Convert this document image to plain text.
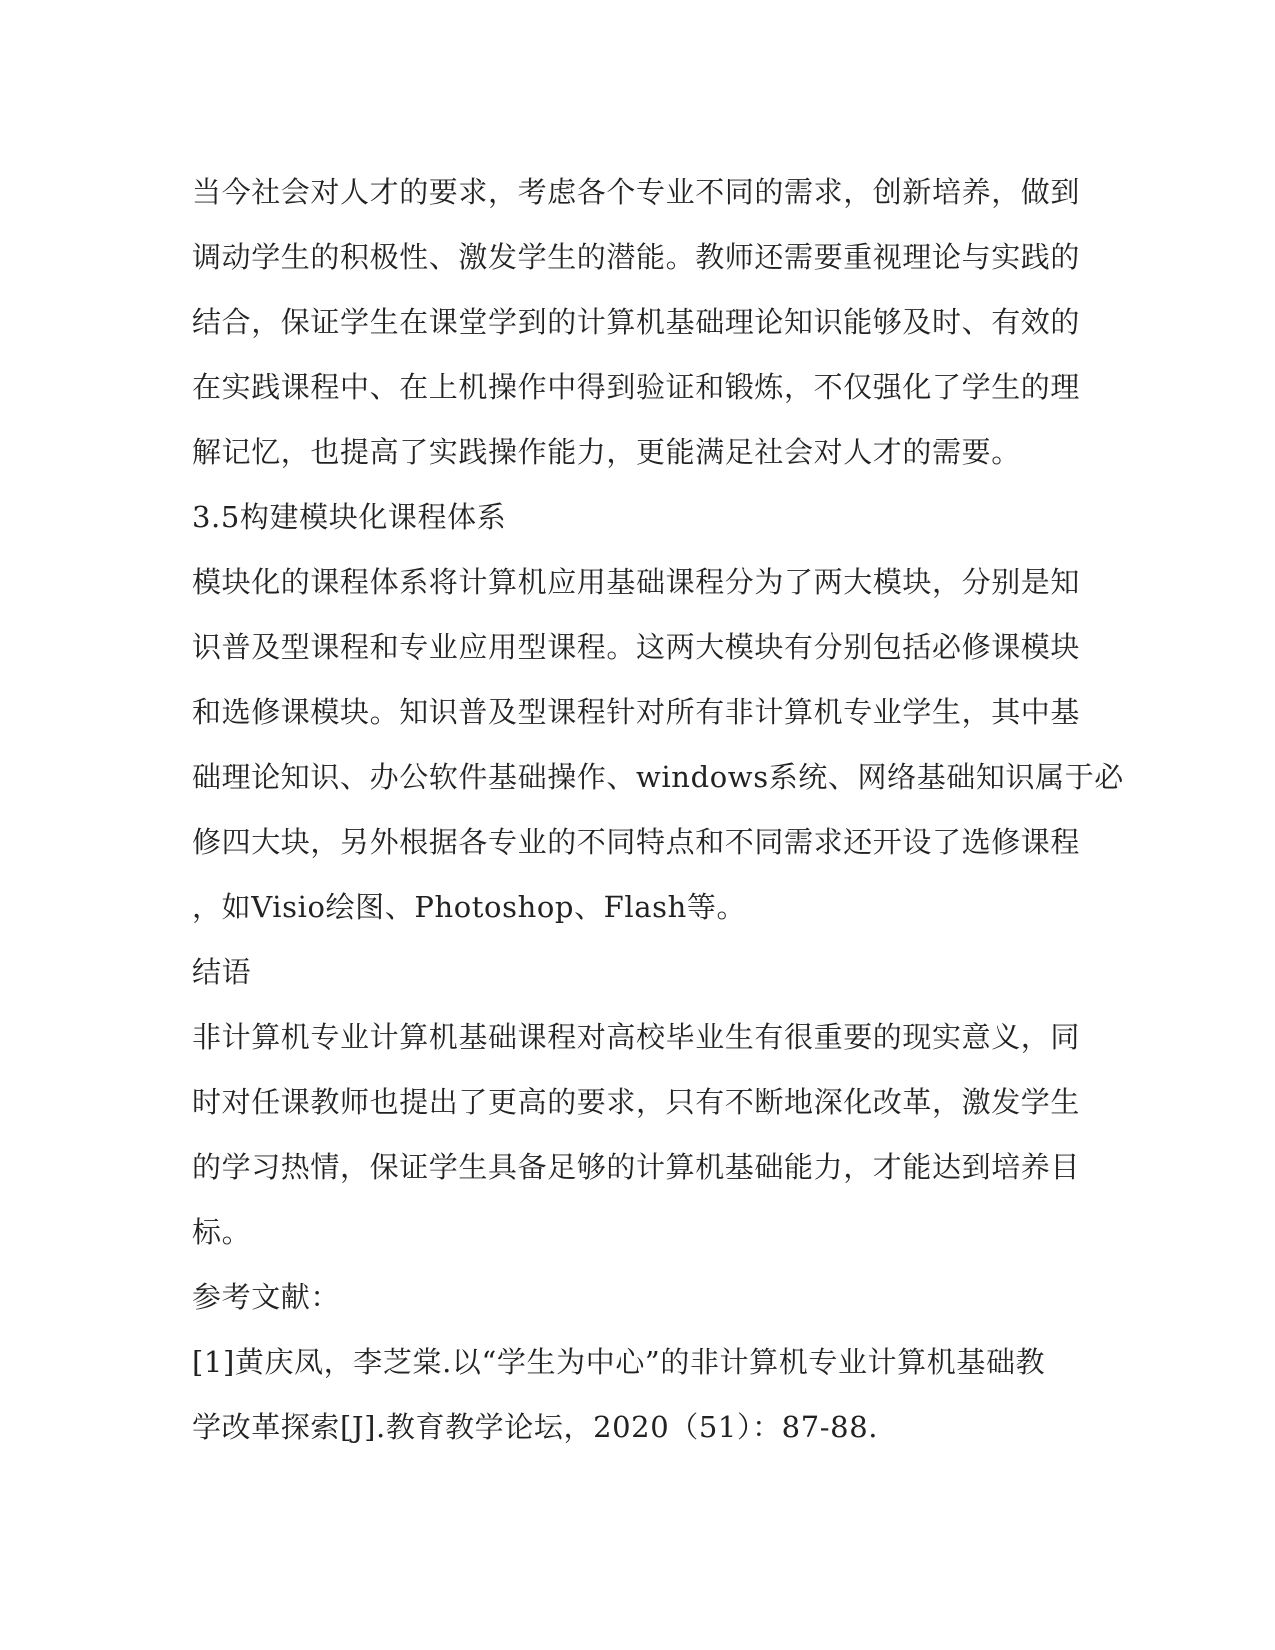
当今社会对人才的要求，考虑各个专业不同的需求，创新培养，做到
调动学生的积极性、激发学生的潜能。教师还需要重视理论与实践的
结合，保证学生在课堂学到的计算机基础理论知识能够及时、有效的
在实践课程中、在上机操作中得到验证和锻炼，不仅强化了学生的理
解记忆，也提高了实践操作能力，更能满足社会对人才的需要。
3.5构建模块化课程体系
模块化的课程体系将计算机应用基础课程分为了两大模块，分别是知
识普及型课程和专业应用型课程。这两大模块有分别包括必修课模块
和选修课模块。知识普及型课程针对所有非计算机专业学生，其中基
础理论知识、办公软件基础操作、windows系统、网络基础知识属于必
修四大块，另外根据各专业的不同特点和不同需求还开设了选修课程
，如Visio绘图、Photoshop、Flash等。
结语
非计算机专业计算机基础课程对高校毕业生有很重要的现实意义，同
时对任课教师也提出了更高的要求，只有不断地深化改革，激发学生
的学习热情，保证学生具备足够的计算机基础能力，才能达到培养目
标。
参考文献：
[1]黄庆凤，李芝棠.以“学生为中心”的非计算机专业计算机基础教
学改革探索[J].教育教学论坛，2020（51）：87-88.
